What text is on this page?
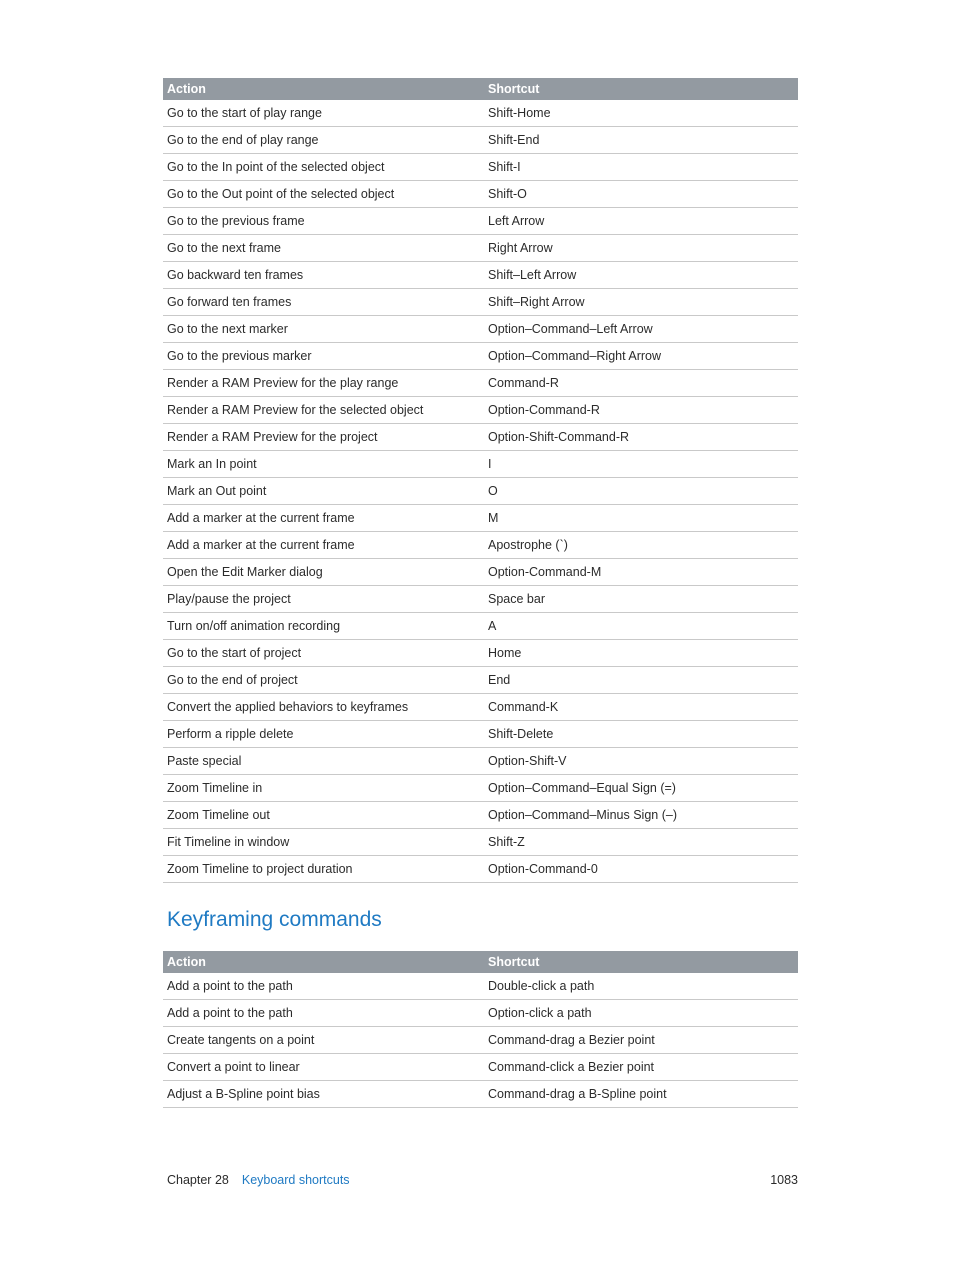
Action	Shortcut
Go to the start of play range	Shift-Home
Go to the end of play range	Shift-End
Go to the In point of the selected object	Shift-I
Go to the Out point of the selected object	Shift-O
Go to the previous frame	Left Arrow
Go to the next frame	Right Arrow
Go backward ten frames	Shift–Left Arrow
Go forward ten frames	Shift–Right Arrow
Go to the next marker	Option–Command–Left Arrow
Go to the previous marker	Option–Command–Right Arrow
Render a RAM Preview for the play range	Command-R
Render a RAM Preview for the selected object	Option-Command-R
Render a RAM Preview for the project	Option-Shift-Command-R
Mark an In point	I
Mark an Out point	O
Add a marker at the current frame	M
Add a marker at the current frame	Apostrophe (`)
Open the Edit Marker dialog	Option-Command-M
Play/pause the project	Space bar
Turn on/off animation recording	A
Go to the start of project	Home
Go to the end of project	End
Convert the applied behaviors to keyframes	Command-K
Perform a ripple delete	Shift-Delete
Paste special	Option-Shift-V
Zoom Timeline in	Option–Command–Equal Sign (=)
Zoom Timeline out	Option–Command–Minus Sign (–)
Fit Timeline in window	Shift-Z
Zoom Timeline to project duration	Option-Command-0
Keyframing commands
Action	Shortcut
Add a point to the path	Double-click a path
Add a point to the path	Option-click a path
Create tangents on a point	Command-drag a Bezier point
Convert a point to linear	Command-click a Bezier point
Adjust a B-Spline point bias	Command-drag a B-Spline point
Chapter 28 Keyboard shortcuts	1083
